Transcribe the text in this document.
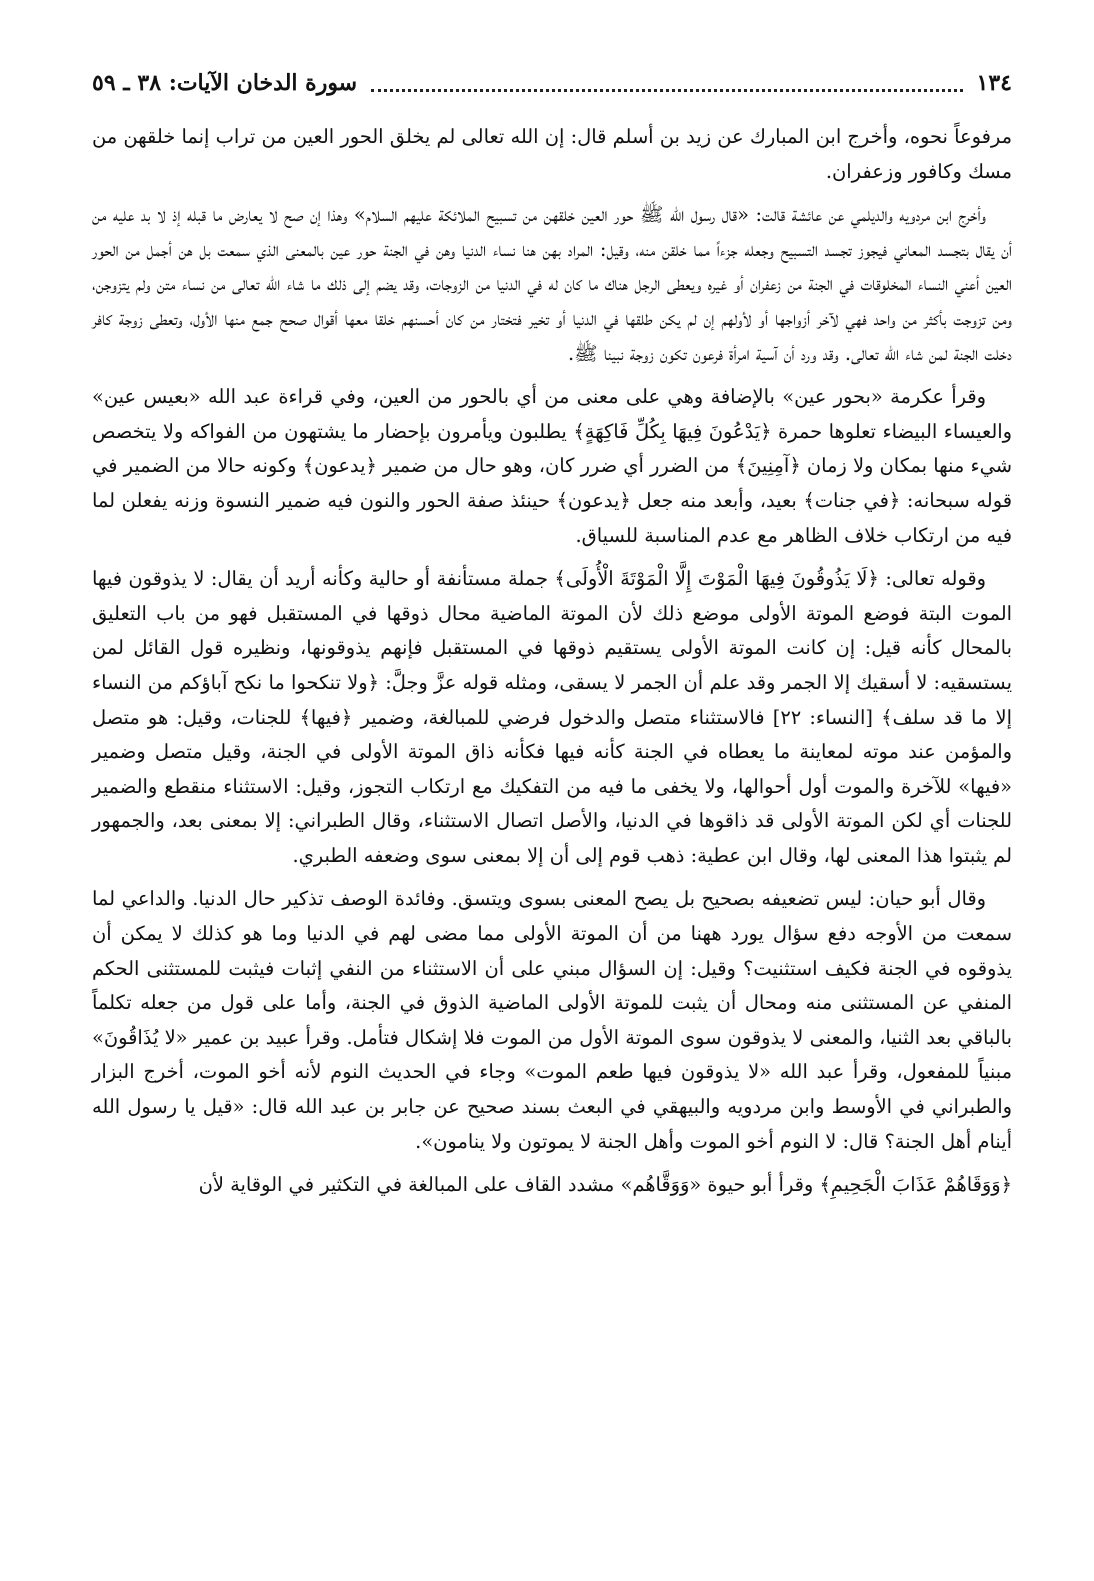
١٣٤
سورة الدخان الآيات: ٣٨ ـ ٥٩

مرفوعاً نحوه، وأخرج ابن المبارك عن زيد بن أسلم قال: إن الله تعالى لم يخلق الحور العين من تراب إنما خلقهن من مسك وكافور وزعفران.

وأخرج ابن مردويه والديلمي عن عائشة قالت: «قال رسول الله ﷺ حور العين خلقهن من تسبيح الملائكة عليهم السلام» وهذا إن صح لا يعارض ما قبله إذ لا بد عليه من أن يقال بتجسد المعاني فيجوز تجسد التسبيح وجعله جزءاً مما خلقن منه، وقيل: المراد بهن هنا نساء الدنيا وهن في الجنة حور عين بالمعنى الذي سمعت بل هن أجمل من الحور العين أعني النساء المخلوقات في الجنة من زعفران أو غيره ويعطى الرجل هناك ما كان له في الدنيا من الزوجات، وقد يضم إلى ذلك ما شاء الله تعالى من نساء متن ولم يتزوجن، ومن تزوجت بأكثر من واحد فهي لآخر أزواجها أو لأولهم إن لم يكن طلقها في الدنيا أو تخير فتختار من كان أحسنهم خلقا معها أقوال صحح جمع منها الأول، وتعطى زوجة كافر دخلت الجنة لمن شاء الله تعالى. وقد ورد أن آسية امرأة فرعون تكون زوجة نبينا ﷺ.

وقرأ عكرمة «بحور عين» بالإضافة وهي على معنى من أي بالحور من العين، وفي قراءة عبد الله «بعيس عين» والعيساء البيضاء تعلوها حمرة ﴿يَدْعُونَ فِيهَا بِكُلِّ فَاكِهَةٍ﴾ يطلبون ويأمرون بإحضار ما يشتهون من الفواكه ولا يتخصص شيء منها بمكان ولا زمان ﴿آمِنِينَ﴾ من الضرر أي ضرر كان، وهو حال من ضمير ﴿يدعون﴾ وكونه حالا من الضمير في قوله سبحانه: ﴿في جنات﴾ بعيد، وأبعد منه جعل ﴿يدعون﴾ حينئذ صفة الحور والنون فيه ضمير النسوة وزنه يفعلن لما فيه من ارتكاب خلاف الظاهر مع عدم المناسبة للسياق.

وقوله تعالى: ﴿لَا يَذُوقُونَ فِيهَا الْمَوْتَ إِلَّا الْمَوْتَةَ الْأُولَى﴾ جملة مستأنفة أو حالية وكأنه أريد أن يقال: لا يذوقون فيها الموت البتة فوضع الموتة الأولى موضع ذلك لأن الموتة الماضية محال ذوقها في المستقبل فهو من باب التعليق بالمحال كأنه قيل: إن كانت الموتة الأولى يستقيم ذوقها في المستقبل فإنهم يذوقونها، ونظيره قول القائل لمن يستسقيه: لا أسقيك إلا الجمر وقد علم أن الجمر لا يسقى، ومثله قوله عزَّ وجلَّ: ﴿ولا تنكحوا ما نكح آباؤكم من النساء إلا ما قد سلف﴾ [النساء: ٢٢] فالاستثناء متصل والدخول فرضي للمبالغة، وضمير ﴿فيها﴾ للجنات، وقيل: هو متصل والمؤمن عند موته لمعاينة ما يعطاه في الجنة كأنه فيها فكأنه ذاق الموتة الأولى في الجنة، وقيل متصل وضمير «فيها» للآخرة والموت أول أحوالها، ولا يخفى ما فيه من التفكيك مع ارتكاب التجوز، وقيل: الاستثناء منقطع والضمير للجنات أي لكن الموتة الأولى قد ذاقوها في الدنيا، والأصل اتصال الاستثناء، وقال الطبراني: إلا بمعنى بعد، والجمهور لم يثبتوا هذا المعنى لها، وقال ابن عطية: ذهب قوم إلى أن إلا بمعنى سوى وضعفه الطبري.

وقال أبو حيان: ليس تضعيفه بصحيح بل يصح المعنى بسوى ويتسق. وفائدة الوصف تذكير حال الدنيا. والداعي لما سمعت من الأوجه دفع سؤال يورد ههنا من أن الموتة الأولى مما مضى لهم في الدنيا وما هو كذلك لا يمكن أن يذوقوه في الجنة فكيف استثنيت؟ وقيل: إن السؤال مبني على أن الاستثناء من النفي إثبات فيثبت للمستثنى الحكم المنفي عن المستثنى منه ومحال أن يثبت للموتة الأولى الماضية الذوق في الجنة، وأما على قول من جعله تكلماً بالباقي بعد الثنيا، والمعنى لا يذوقون سوى الموتة الأول من الموت فلا إشكال فتأمل. وقرأ عبيد بن عمير «لا يُذَاقُونَ» مبنياً للمفعول، وقرأ عبد الله «لا يذوقون فيها طعم الموت» وجاء في الحديث النوم لأنه أخو الموت، أخرج البزار والطبراني في الأوسط وابن مردويه والبيهقي في البعث بسند صحيح عن جابر بن عبد الله قال: «قيل يا رسول الله أينام أهل الجنة؟ قال: لا النوم أخو الموت وأهل الجنة لا يموتون ولا ينامون».

﴿وَوَقَاهُمْ عَذَابَ الْجَحِيمِ﴾ وقرأ أبو حيوة «وَوَقَّاهُم» مشدد القاف على المبالغة في التكثير في الوقاية لأن
